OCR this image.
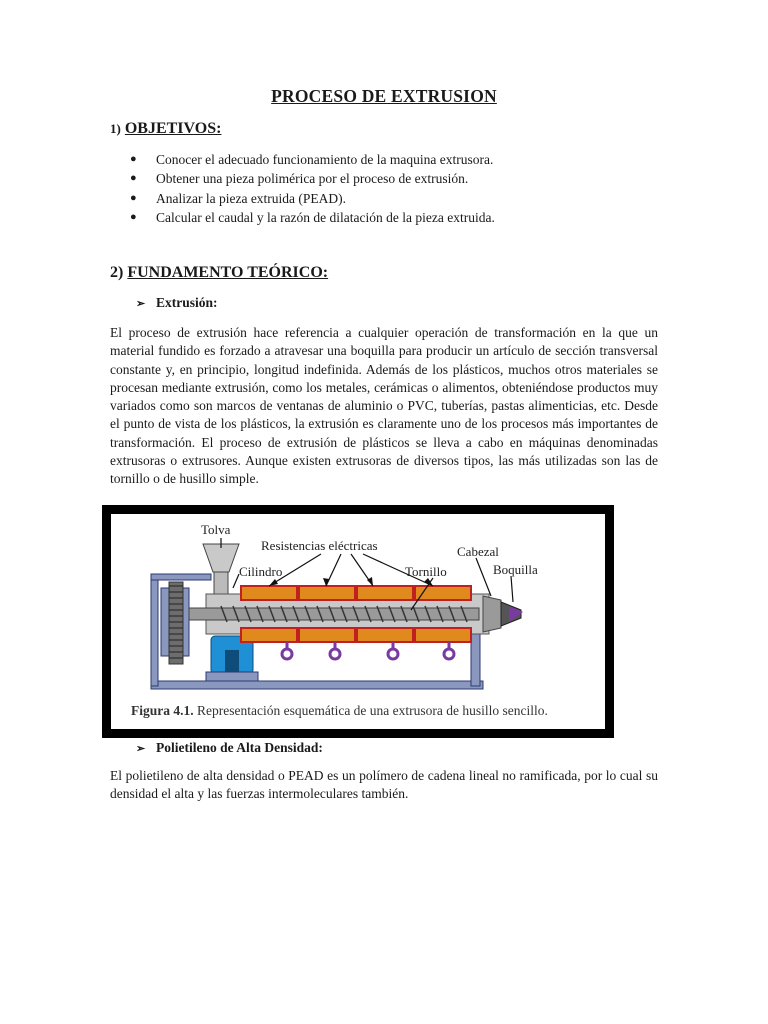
PROCESO DE EXTRUSION
1) OBJETIVOS:
● Conocer el adecuado funcionamiento de la maquina extrusora.
● Obtener una pieza polimérica por el proceso de extrusión.
● Analizar la pieza extruida (PEAD).
● Calcular el caudal y la razón de dilatación de la pieza extruida.
2) FUNDAMENTO TEÓRICO:
➢ Extrusión:

El proceso de extrusión hace referencia a cualquier operación de transformación en la que un material fundido es forzado a atravesar una boquilla para producir un artículo de sección transversal constante y, en principio, longitud indefinida. Además de los plásticos, muchos otros materiales se procesan mediante extrusión, como los metales, cerámicas o alimentos, obteniéndose productos muy variados como son marcos de ventanas de aluminio o PVC, tuberías, pastas alimenticias, etc. Desde el punto de vista de los plásticos, la extrusión es claramente uno de los procesos más importantes de transformación. El proceso de extrusión de plásticos se lleva a cabo en máquinas denominadas extrusoras o extrusores. Aunque existen extrusoras de diversos tipos, las más utilizadas son las de tornillo o de husillo simple.

Tolva
Resistencias eléctricas
Cilindro
Cabezal
Tornillo	Boquilla
Figura 4.1. Representación esquemática de una extrusora de husillo sencillo.
➢ Polietileno de Alta Densidad:

El polietileno de alta densidad o PEAD es un polímero de cadena lineal no ramificada, por lo cual su densidad el alta y las fuerzas intermoleculares también.
